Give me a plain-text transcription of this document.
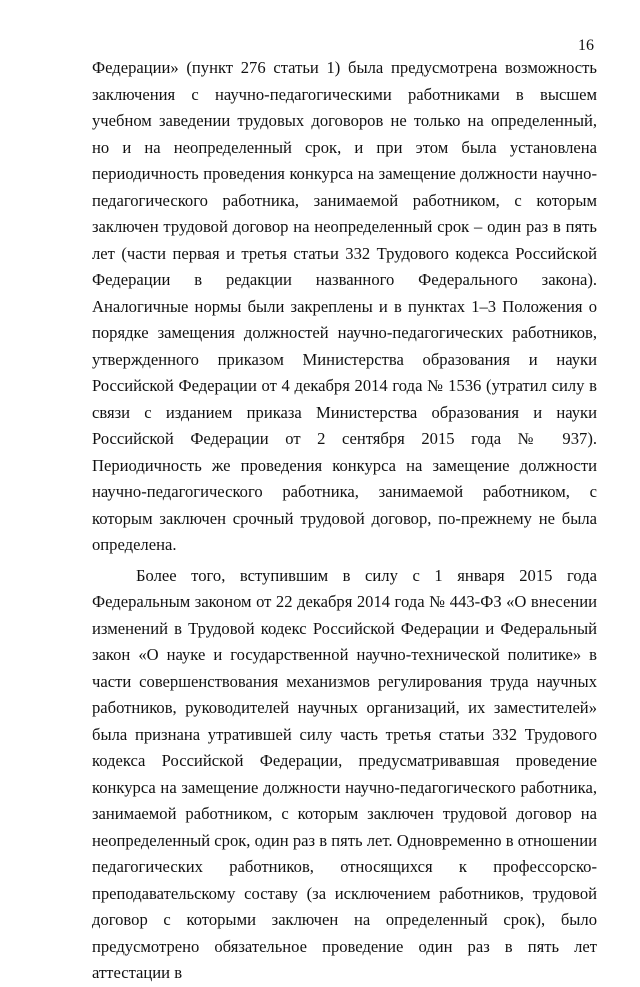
16

Федерации» (пункт 276 статьи 1) была предусмотрена возможность заключения с научно-педагогическими работниками в высшем учебном заведении трудовых договоров не только на определенный, но и на неопределенный срок, и при этом была установлена периодичность проведения конкурса на замещение должности научно-педагогического работника, занимаемой работником, с которым заключен трудовой договор на неопределенный срок – один раз в пять лет (части первая и третья статьи 332 Трудового кодекса Российской Федерации в редакции названного Федерального закона). Аналогичные нормы были закреплены и в пунктах 1–3 Положения о порядке замещения должностей научно-педагогических работников, утвержденного приказом Министерства образования и науки Российской Федерации от 4 декабря 2014 года № 1536 (утратил силу в связи с изданием приказа Министерства образования и науки Российской Федерации от 2 сентября 2015 года № 937). Периодичность же проведения конкурса на замещение должности научно-педагогического работника, занимаемой работником, с которым заключен срочный трудовой договор, по-прежнему не была определена.

Более того, вступившим в силу с 1 января 2015 года Федеральным законом от 22 декабря 2014 года № 443-ФЗ «О внесении изменений в Трудовой кодекс Российской Федерации и Федеральный закон «О науке и государственной научно-технической политике» в части совершенствования механизмов регулирования труда научных работников, руководителей научных организаций, их заместителей» была признана утратившей силу часть третья статьи 332 Трудового кодекса Российской Федерации, предусматривавшая проведение конкурса на замещение должности научно-педагогического работника, занимаемой работником, с которым заключен трудовой договор на неопределенный срок, один раз в пять лет. Одновременно в отношении педагогических работников, относящихся к профессорско-преподавательскому составу (за исключением работников, трудовой договор с которыми заключен на определенный срок), было предусмотрено обязательное проведение один раз в пять лет аттестации в
